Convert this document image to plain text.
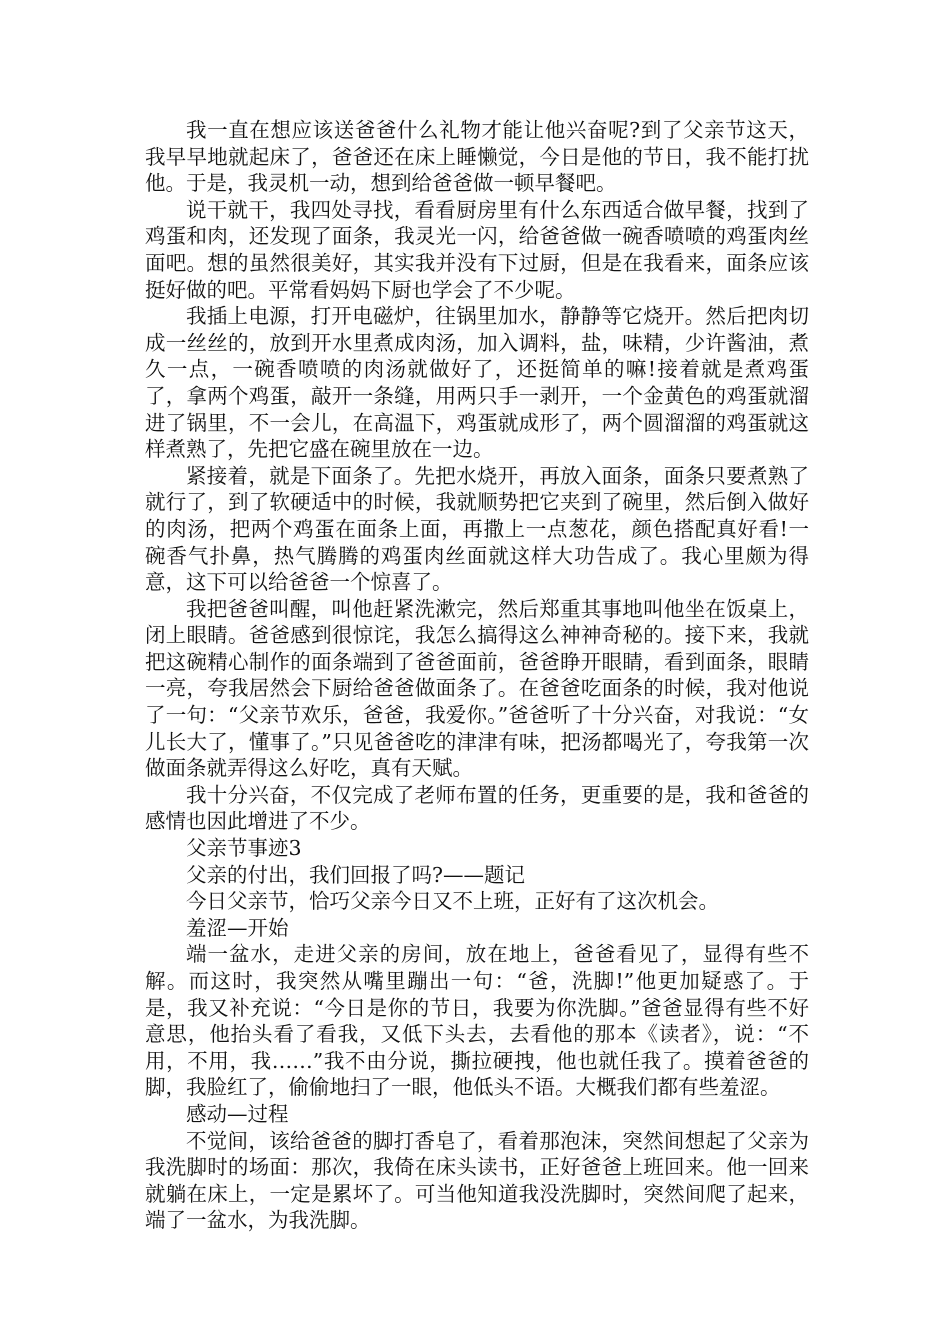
我一直在想应该送爸爸什么礼物才能让他兴奋呢?到了父亲节这天，我早早地就起床了，爸爸还在床上睡懒觉，今日是他的节日，我不能打扰他。于是，我灵机一动，想到给爸爸做一顿早餐吧。

说干就干，我四处寻找，看看厨房里有什么东西适合做早餐，找到了鸡蛋和肉，还发现了面条，我灵光一闪，给爸爸做一碗香喷喷的鸡蛋肉丝面吧。想的虽然很美好，其实我并没有下过厨，但是在我看来，面条应该挺好做的吧。平常看妈妈下厨也学会了不少呢。

我插上电源，打开电磁炉，往锅里加水，静静等它烧开。然后把肉切成一丝丝的，放到开水里煮成肉汤，加入调料，盐，味精，少许酱油，煮久一点，一碗香喷喷的肉汤就做好了，还挺简单的嘛!接着就是煮鸡蛋了，拿两个鸡蛋，敲开一条缝，用两只手一剥开，一个金黄色的鸡蛋就溜进了锅里，不一会儿，在高温下，鸡蛋就成形了，两个圆溜溜的鸡蛋就这样煮熟了，先把它盛在碗里放在一边。

紧接着，就是下面条了。先把水烧开，再放入面条，面条只要煮熟了就行了，到了软硬适中的时候，我就顺势把它夹到了碗里，然后倒入做好的肉汤，把两个鸡蛋在面条上面，再撒上一点葱花，颜色搭配真好看!一碗香气扑鼻，热气腾腾的鸡蛋肉丝面就这样大功告成了。我心里颇为得意，这下可以给爸爸一个惊喜了。

我把爸爸叫醒，叫他赶紧洗漱完，然后郑重其事地叫他坐在饭桌上，闭上眼睛。爸爸感到很惊诧，我怎么搞得这么神神奇秘的。接下来，我就把这碗精心制作的面条端到了爸爸面前，爸爸睁开眼睛，看到面条，眼睛一亮，夸我居然会下厨给爸爸做面条了。在爸爸吃面条的时候，我对他说了一句：“父亲节欢乐，爸爸，我爱你。”爸爸听了十分兴奋，对我说：“女儿长大了，懂事了。”只见爸爸吃的津津有味，把汤都喝光了，夸我第一次做面条就弄得这么好吃，真有天赋。

我十分兴奋，不仅完成了老师布置的任务，更重要的是，我和爸爸的感情也因此增进了不少。

父亲节事迹3

父亲的付出，我们回报了吗?——题记

今日父亲节，恰巧父亲今日又不上班，正好有了这次机会。

羞涩—开始

端一盆水，走进父亲的房间，放在地上，爸爸看见了，显得有些不解。而这时，我突然从嘴里蹦出一句：“爸，洗脚!”他更加疑惑了。于是，我又补充说：“今日是你的节日，我要为你洗脚。”爸爸显得有些不好意思，他抬头看了看我，又低下头去，去看他的那本《读者》，说：“不用，不用，我……”我不由分说，撕拉硬拽，他也就任我了。摸着爸爸的脚，我脸红了，偷偷地扫了一眼，他低头不语。大概我们都有些羞涩。

感动—过程

不觉间，该给爸爸的脚打香皂了，看着那泡沫，突然间想起了父亲为我洗脚时的场面：那次，我倚在床头读书，正好爸爸上班回来。他一回来就躺在床上，一定是累坏了。可当他知道我没洗脚时，突然间爬了起来，端了一盆水，为我洗脚。
